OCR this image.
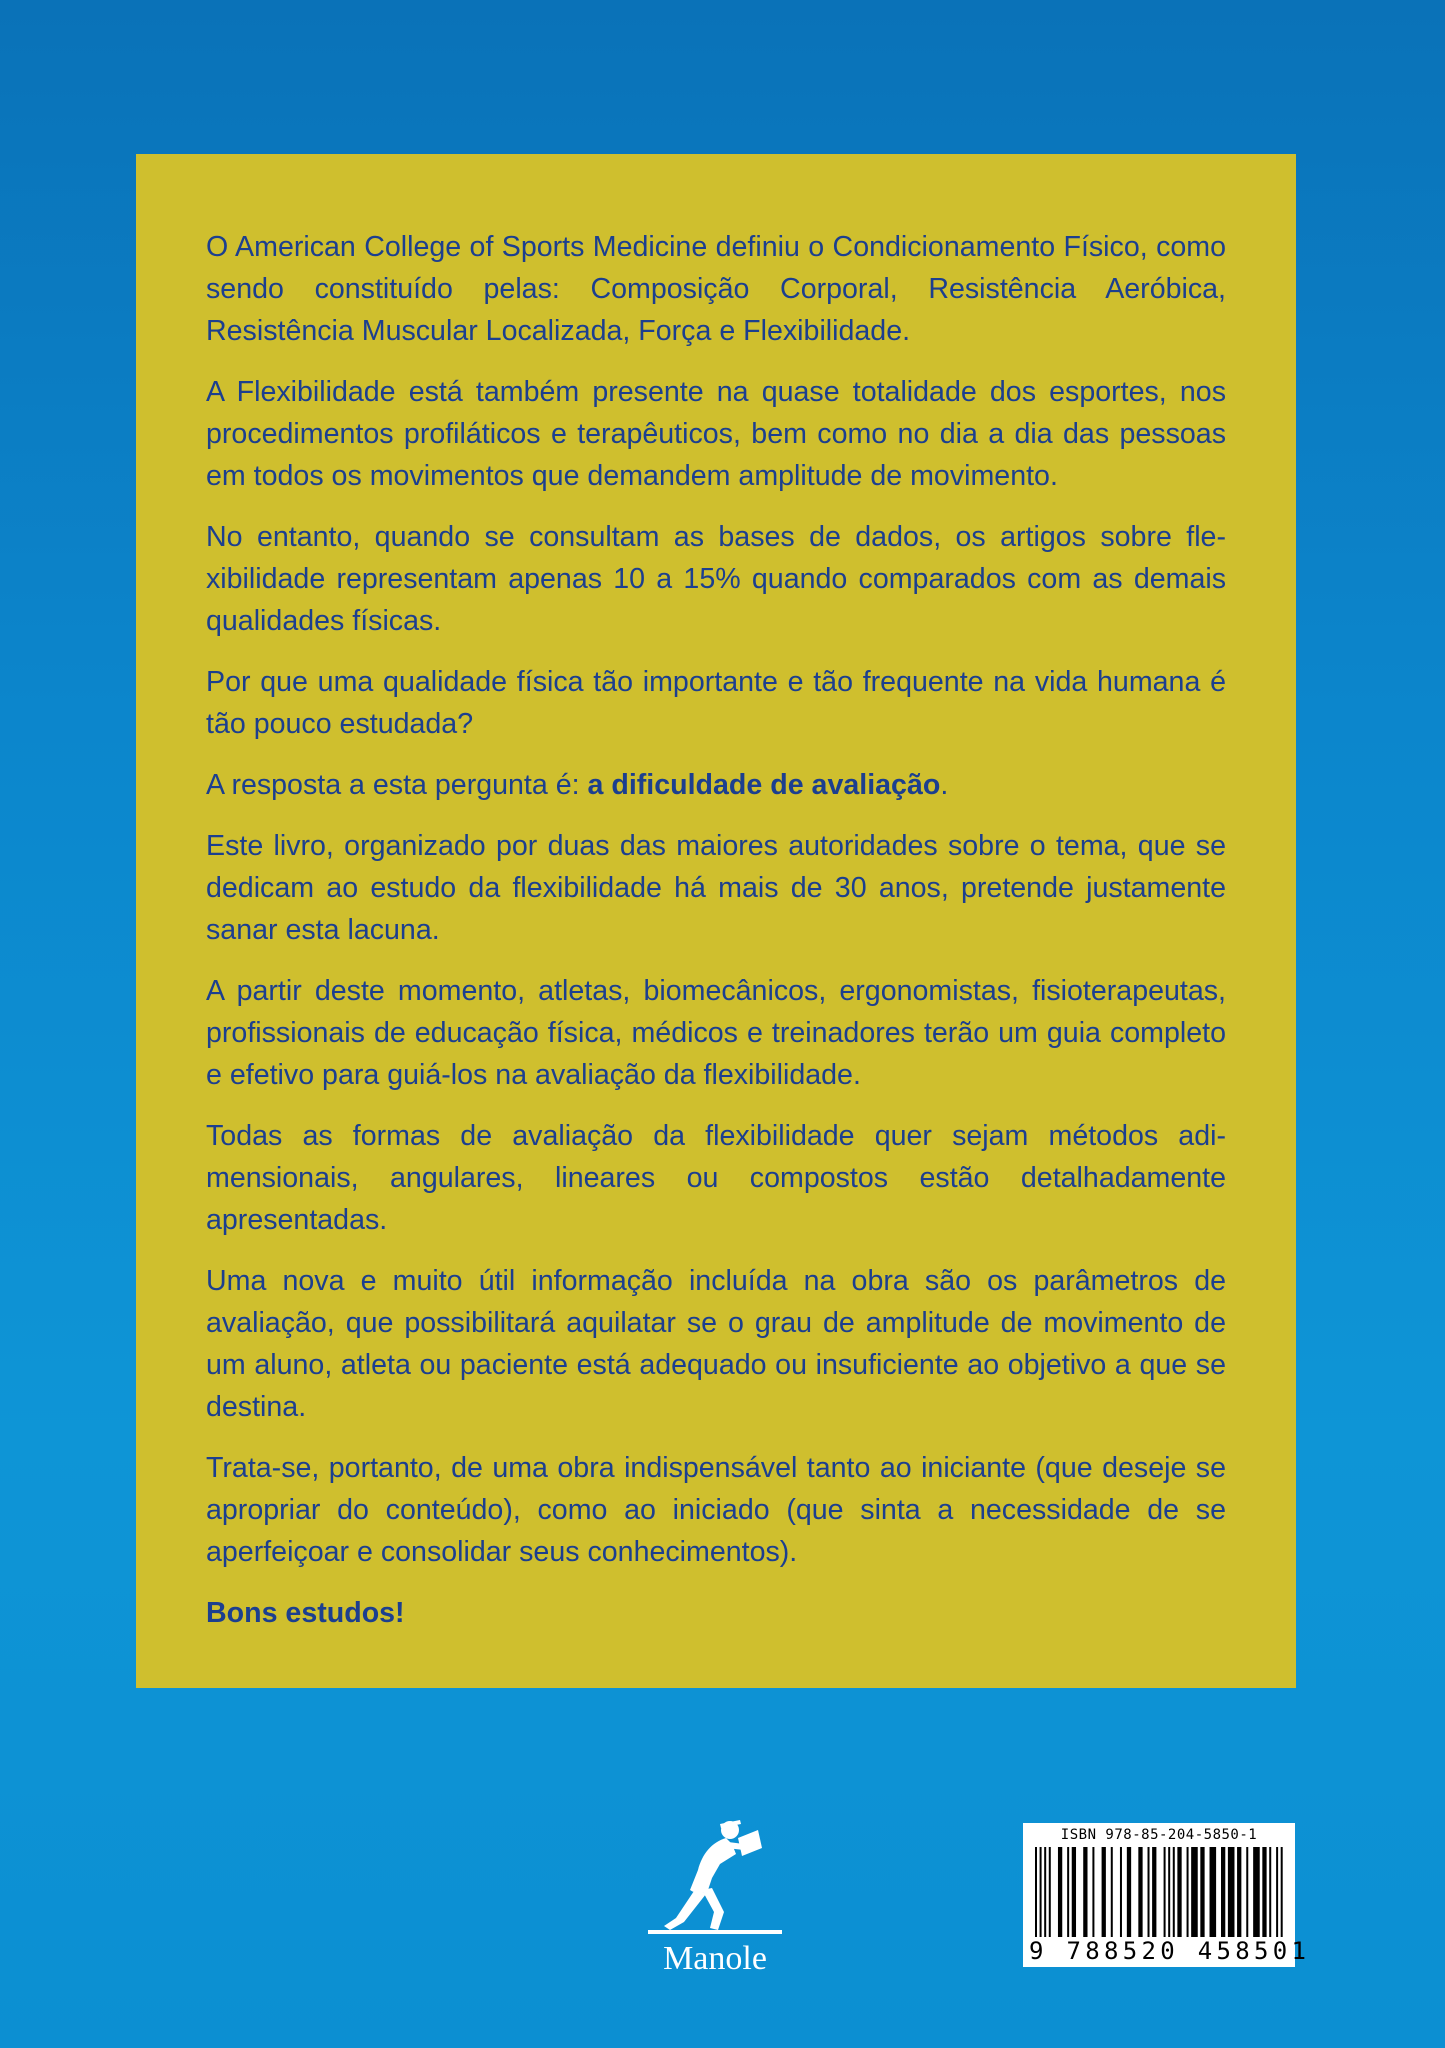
O American College of Sports Medicine definiu o Condicionamento Físico, como sendo constituído pelas: Composição Corporal, Resistência Aeróbica, Resistência Muscular Localizada, Força e Flexibilidade.

A Flexibilidade está também presente na quase totalidade dos esportes, nos procedimentos profiláticos e terapêuticos, bem como no dia a dia das pessoas em todos os movimentos que demandem amplitude de movimento.

No entanto, quando se consultam as bases de dados, os artigos sobre flexibilidade representam apenas 10 a 15% quando comparados com as demais qualidades físicas.

Por que uma qualidade física tão importante e tão frequente na vida humana é tão pouco estudada?

A resposta a esta pergunta é: a dificuldade de avaliação.

Este livro, organizado por duas das maiores autoridades sobre o tema, que se dedicam ao estudo da flexibilidade há mais de 30 anos, pretende justamente sanar esta lacuna.

A partir deste momento, atletas, biomecânicos, ergonomistas, fisioterapeutas, profissionais de educação física, médicos e treinadores terão um guia completo e efetivo para guiá-los na avaliação da flexibilidade.

Todas as formas de avaliação da flexibilidade quer sejam métodos adimensionais, angulares, lineares ou compostos estão detalhadamente apresentadas.

Uma nova e muito útil informação incluída na obra são os parâmetros de avaliação, que possibilitará aquilatar se o grau de amplitude de movimento de um aluno, atleta ou paciente está adequado ou insuficiente ao objetivo a que se destina.

Trata-se, portanto, de uma obra indispensável tanto ao iniciante (que deseje se apropriar do conteúdo), como ao iniciado (que sinta a necessidade de se aperfeiçoar e consolidar seus conhecimentos).

Bons estudos!

Manole
ISBN 978-85-204-5850-1
9 788520 458501
